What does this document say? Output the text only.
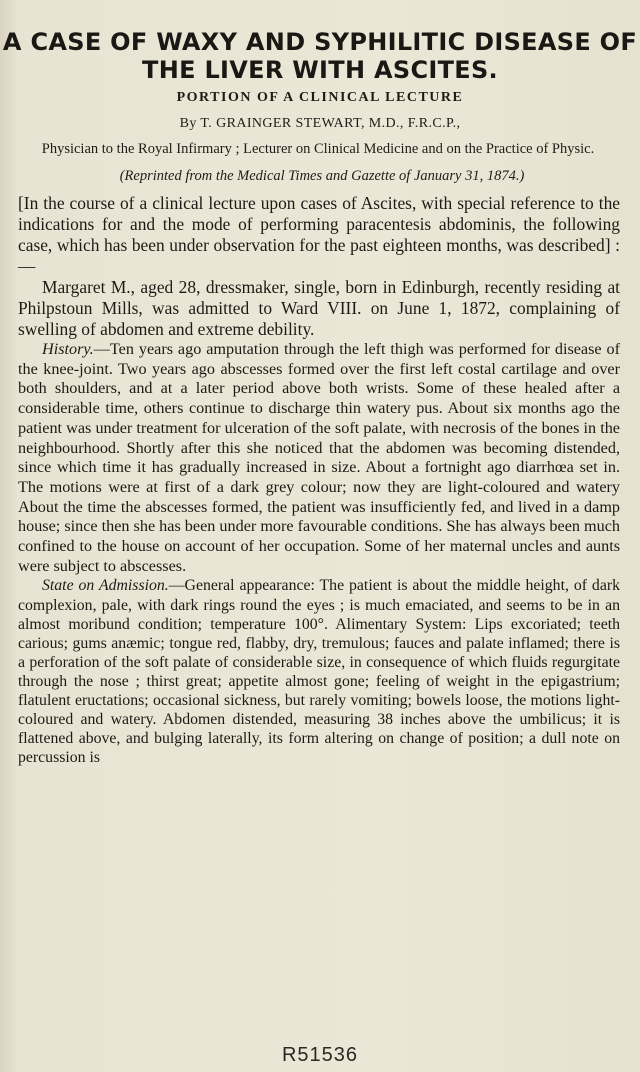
A CASE OF WAXY AND SYPHILITIC DISEASE OF THE LIVER WITH ASCITES.
PORTION OF A CLINICAL LECTURE
By T. GRAINGER STEWART, M.D., F.R.C.P.,
Physician to the Royal Infirmary ; Lecturer on Clinical Medicine and on the Practice of Physic.
(Reprinted from the Medical Times and Gazette of January 31, 1874.)

[In the course of a clinical lecture upon cases of Ascites, with special reference to the indications for and the mode of performing paracentesis abdominis, the following case, which has been under observation for the past eighteen months, was described] :—

Margaret M., aged 28, dressmaker, single, born in Edinburgh, recently residing at Philpstoun Mills, was admitted to Ward VIII. on June 1, 1872, complaining of swelling of abdomen and extreme debility.

History.—Ten years ago amputation through the left thigh was performed for disease of the knee-joint. Two years ago abscesses formed over the first left costal cartilage and over both shoulders, and at a later period above both wrists. Some of these healed after a considerable time, others continue to discharge thin watery pus. About six months ago the patient was under treatment for ulceration of the soft palate, with necrosis of the bones in the neighbourhood. Shortly after this she noticed that the abdomen was becoming distended, since which time it has gradually increased in size. About a fortnight ago diarrhœa set in. The motions were at first of a dark grey colour; now they are light-coloured and watery About the time the abscesses formed, the patient was insufficiently fed, and lived in a damp house; since then she has been under more favourable conditions. She has always been much confined to the house on account of her occupation. Some of her maternal uncles and aunts were subject to abscesses.

State on Admission.—General appearance: The patient is about the middle height, of dark complexion, pale, with dark rings round the eyes ; is much emaciated, and seems to be in an almost moribund condition; temperature 100°. Alimentary System: Lips excoriated; teeth carious; gums anæmic; tongue red, flabby, dry, tremulous; fauces and palate inflamed; there is a perforation of the soft palate of considerable size, in consequence of which fluids regurgitate through the nose ; thirst great; appetite almost gone; feeling of weight in the epigastrium; flatulent eructations; occasional sickness, but rarely vomiting; bowels loose, the motions light-coloured and watery. Abdomen distended, measuring 38 inches above the umbilicus; it is flattened above, and bulging laterally, its form altering on change of position; a dull note on percussion is

R51536
